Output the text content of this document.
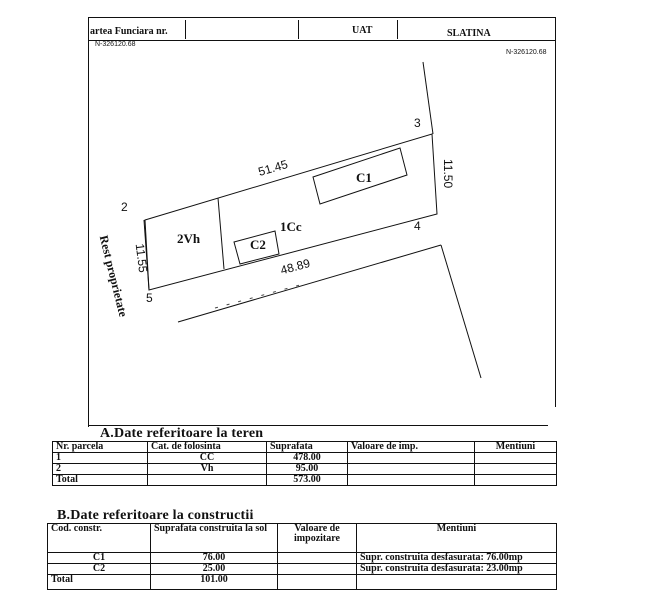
artea Funciara nr.	UAT	SLATINA
N-326120.68
N-326120.68
2
3
4
5
51.45	11.50
48.89
11.55
2Vh
1Cc
C1
C2
Rest proprietate
A.Date referitoare la teren
Nr. parcela	Cat. de folosinta	Suprafata	Valoare de imp.	Mentiuni
1	CC	478.00		
2	Vh	95.00		
Total		573.00		
B.Date referitoare la constructii
Cod. constr.	Suprafata construita la sol	Valoare de impozitare	Mentiuni
C1	76.00		Supr. construita desfasurata: 76.00mp
C2	25.00		Supr. construita desfasurata: 23.00mp
Total	101.00		
